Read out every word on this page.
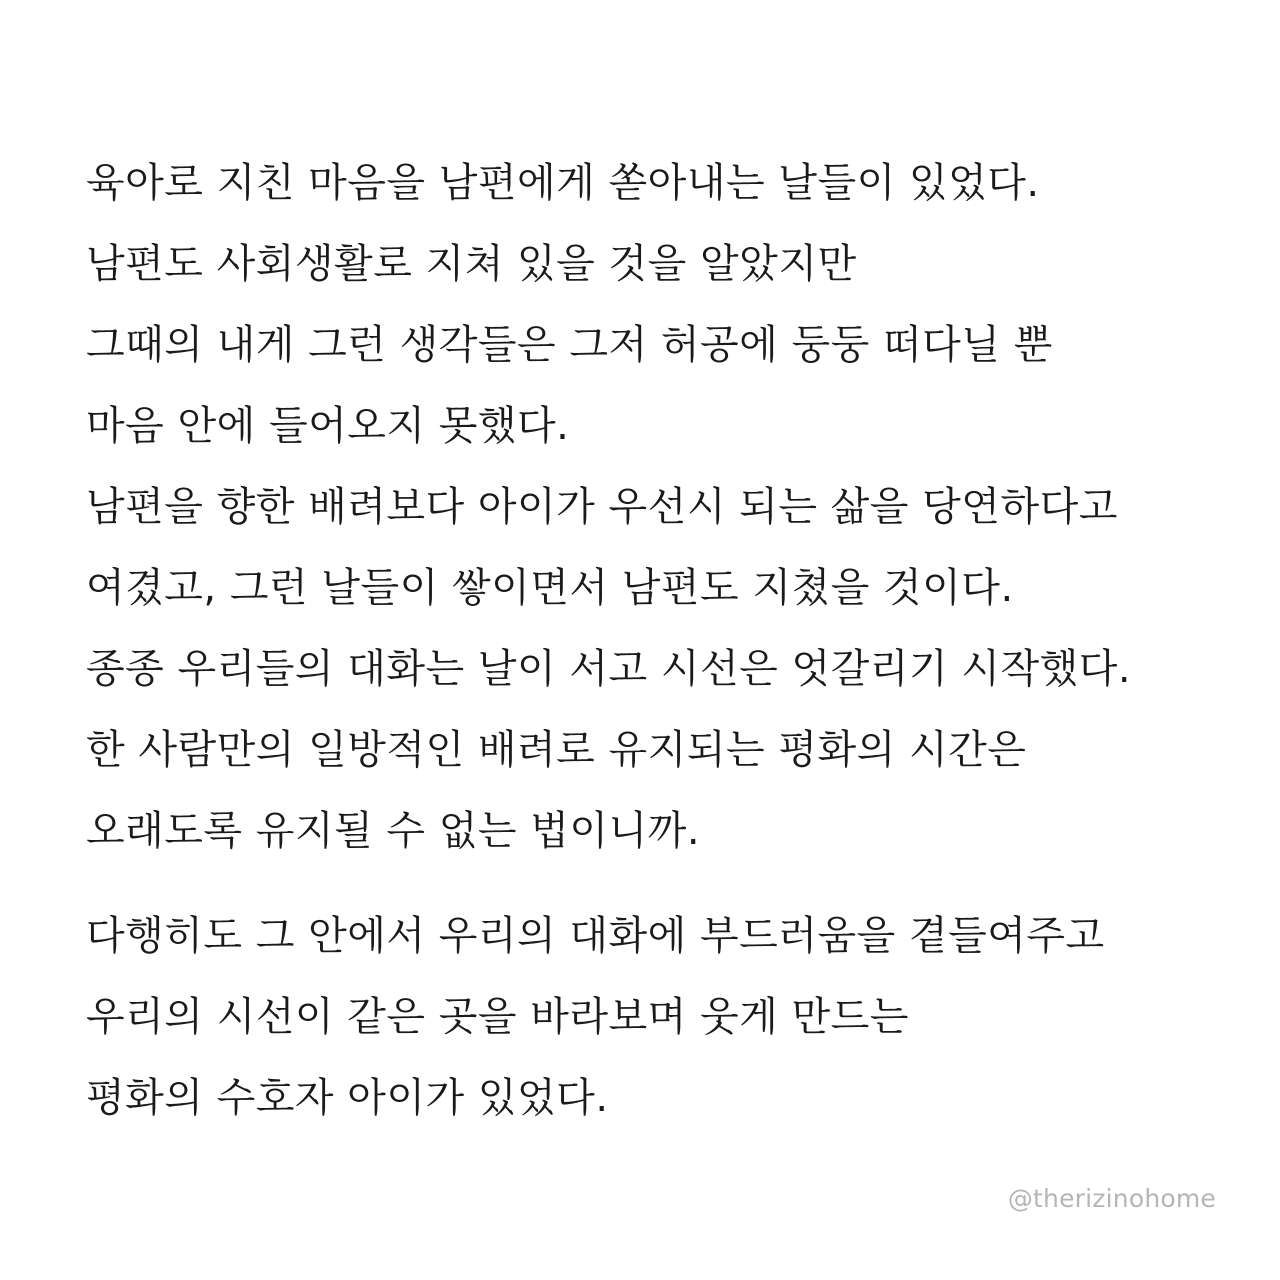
육아로 지친 마음을 남편에게 쏟아내는 날들이 있었다.
남편도 사회생활로 지쳐 있을 것을 알았지만
그때의 내게 그런 생각들은 그저 허공에 둥둥 떠다닐 뿐
마음 안에 들어오지 못했다.
남편을 향한 배려보다 아이가 우선시 되는 삶을 당연하다고
여겼고, 그런 날들이 쌓이면서 남편도 지쳤을 것이다.
종종 우리들의 대화는 날이 서고 시선은 엇갈리기 시작했다.
한 사람만의 일방적인 배려로 유지되는 평화의 시간은
오래도록 유지될 수 없는 법이니까.
다행히도 그 안에서 우리의 대화에 부드러움을 곁들여주고
우리의 시선이 같은 곳을 바라보며 웃게 만드는
평화의 수호자 아이가 있었다.
@therizinohome
